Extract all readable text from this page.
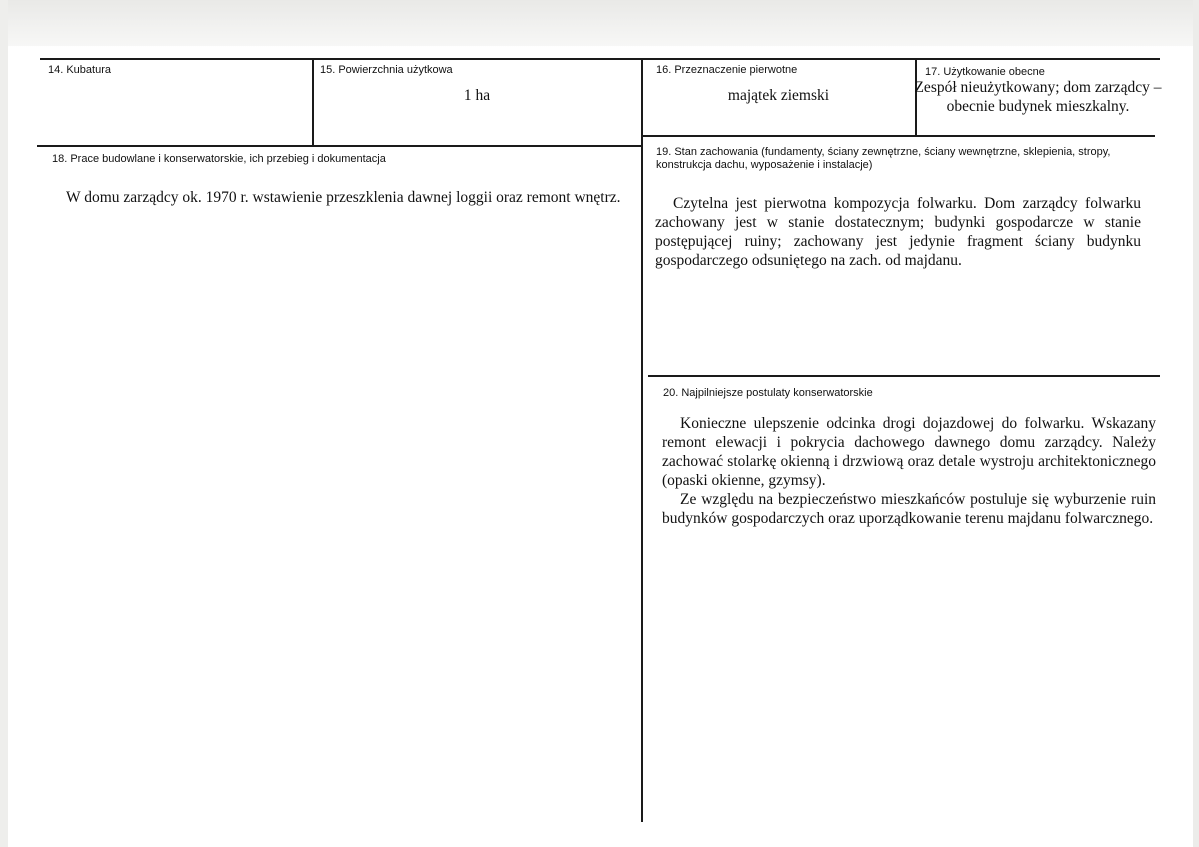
14. Kubatura	15. Powierzchnia użytkowa
1 ha
16. Przeznaczenie pierwotne
majątek ziemski
17. Użytkowanie obecne
Zespół nieużytkowany; dom zarządcy – obecnie budynek mieszkalny.
18. Prace budowlane i konserwatorskie, ich przebieg i dokumentacja
W domu zarządcy ok. 1970 r. wstawienie przeszklenia dawnej loggii oraz remont wnętrz.
19. Stan zachowania (fundamenty, ściany zewnętrzne, ściany wewnętrzne, sklepienia, stropy, konstrukcja dachu, wyposażenie i instalacje)
Czytelna jest pierwotna kompozycja folwarku. Dom zarządcy folwarku zachowany jest w stanie dostatecznym; budynki gospodarcze w stanie postępującej ruiny; zachowany jest jedynie fragment ściany budynku gospodarczego odsuniętego na zach. od majdanu.
20. Najpilniejsze postulaty konserwatorskie

Konieczne ulepszenie odcinka drogi dojazdowej do folwarku. Wskazany remont elewacji i pokrycia dachowego dawnego domu zarządcy. Należy zachować stolarkę okienną i drzwiową oraz detale wystroju architektonicznego (opaski okienne, gzymsy).

Ze względu na bezpieczeństwo mieszkańców postuluje się wyburzenie ruin budynków gospodarczych oraz uporządkowanie terenu majdanu folwarcznego.
